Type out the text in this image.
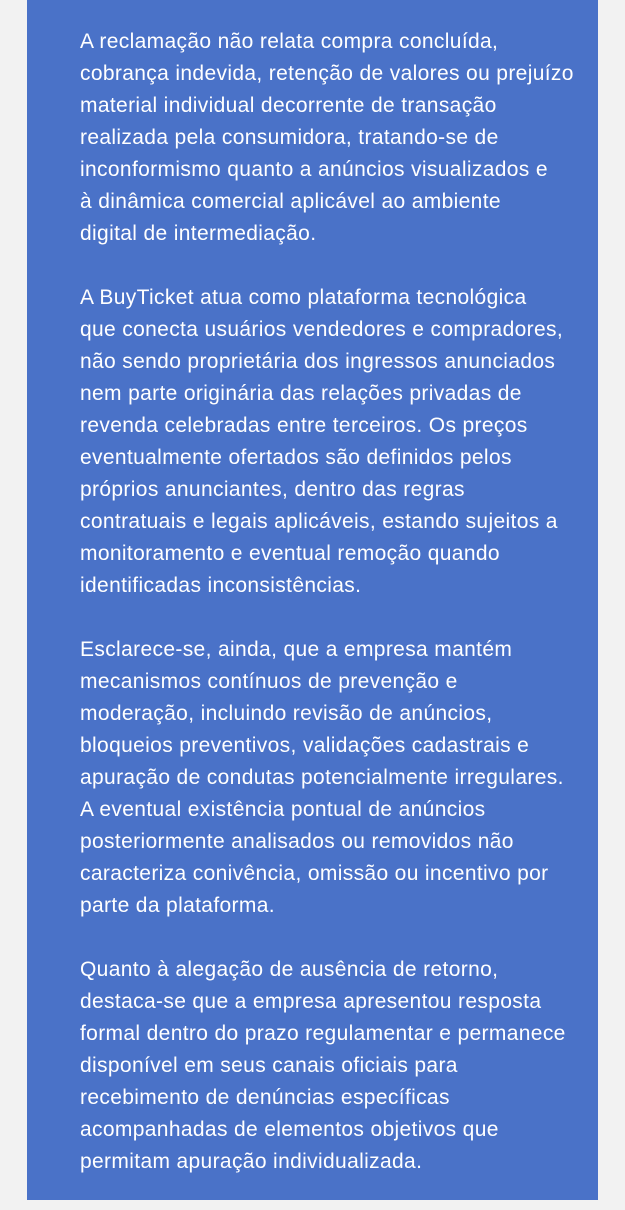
A reclamação não relata compra concluída,
cobrança indevida, retenção de valores ou prejuízo
material individual decorrente de transação
realizada pela consumidora, tratando-se de
inconformismo quanto a anúncios visualizados e
à dinâmica comercial aplicável ao ambiente
digital de intermediação.

A BuyTicket atua como plataforma tecnológica
que conecta usuários vendedores e compradores,
não sendo proprietária dos ingressos anunciados
nem parte originária das relações privadas de
revenda celebradas entre terceiros. Os preços
eventualmente ofertados são definidos pelos
próprios anunciantes, dentro das regras
contratuais e legais aplicáveis, estando sujeitos a
monitoramento e eventual remoção quando
identificadas inconsistências.

Esclarece-se, ainda, que a empresa mantém
mecanismos contínuos de prevenção e
moderação, incluindo revisão de anúncios,
bloqueios preventivos, validações cadastrais e
apuração de condutas potencialmente irregulares.
A eventual existência pontual de anúncios
posteriormente analisados ou removidos não
caracteriza conivência, omissão ou incentivo por
parte da plataforma.

Quanto à alegação de ausência de retorno,
destaca-se que a empresa apresentou resposta
formal dentro do prazo regulamentar e permanece
disponível em seus canais oficiais para
recebimento de denúncias específicas
acompanhadas de elementos objetivos que
permitam apuração individualizada.
